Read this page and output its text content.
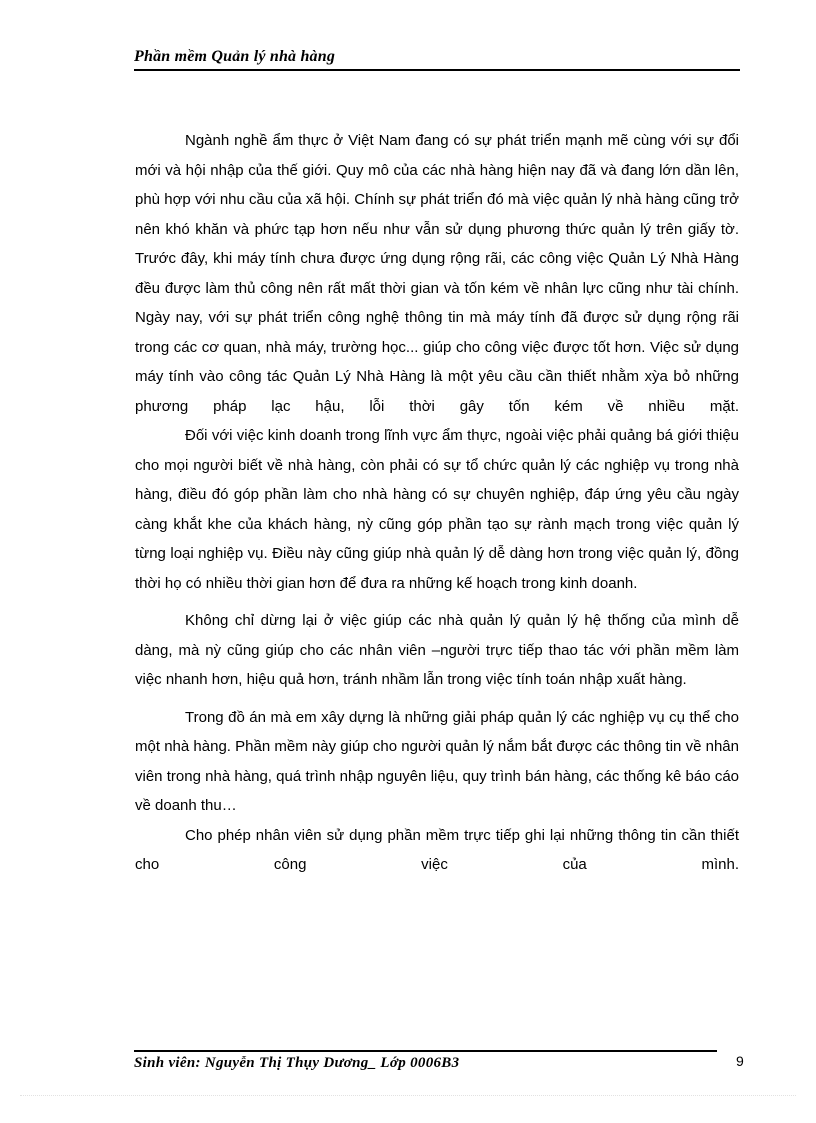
Phần mềm Quản lý nhà hàng

Ngành nghề ẩm thực ở Việt Nam đang có sự phát triển mạnh mẽ cùng với sự đổi mới và hội nhập của thế giới. Quy mô của các nhà hàng hiện nay đã và đang lớn dần lên, phù hợp với nhu cầu của xã hội. Chính sự phát triển đó mà việc quản lý nhà hàng cũng trở nên khó khăn và phức tạp hơn nếu như vẫn sử dụng phương thức quản lý trên giấy tờ. Trước đây, khi máy tính chưa được ứng dụng rộng rãi, các công việc Quản Lý Nhà Hàng đều được làm thủ công nên rất mất thời gian và tốn kém về nhân lực cũng như tài chính. Ngày nay, với sự phát triển công nghệ thông tin mà máy tính đã được sử dụng rộng rãi trong các cơ quan, nhà máy, trường học... giúp cho công việc được tốt hơn. Việc sử dụng máy tính vào công tác Quản Lý Nhà Hàng là một yêu cầu cần thiết nhằm xỳa bỏ những phương pháp lạc hậu, lỗi thời gây tốn kém về nhiều mặt.

Đối với việc kinh doanh trong lĩnh vực ẩm thực, ngoài việc phải quảng bá giới thiệu cho mọi người biết về nhà hàng, còn phải có sự tổ chức quản lý các nghiệp vụ trong nhà hàng, điều đó góp phần làm cho nhà hàng có sự chuyên nghiệp, đáp ứng yêu cầu ngày càng khắt khe của khách hàng, nỳ cũng góp phần tạo sự rành mạch trong việc quản lý từng loại nghiệp vụ. Điều này cũng giúp nhà quản lý dễ dàng hơn trong việc quản lý, đồng thời họ có nhiều thời gian hơn để đưa ra những kế hoạch trong kinh doanh.

Không chỉ dừng lại ở việc giúp các nhà quản lý quản lý hệ thống của mình dễ dàng, mà nỳ cũng giúp cho các nhân viên –người trực tiếp thao tác với phần mềm làm việc nhanh hơn, hiệu quả hơn, tránh nhầm lẫn trong việc tính toán nhập xuất hàng.

Trong đồ án mà em xây dựng là những giải pháp quản lý các nghiệp vụ cụ thể cho một nhà hàng. Phần mềm này giúp cho người quản lý nắm bắt được các thông tin về nhân viên trong nhà hàng, quá trình nhập nguyên liệu, quy trình bán hàng, các thống kê báo cáo về doanh thu…

Cho phép nhân viên sử dụng phần mềm trực tiếp ghi lại những thông tin cần thiết cho công việc của mình.

Sinh viên: Nguyễn Thị Thụy Dương_ Lớp 0006B3	9
